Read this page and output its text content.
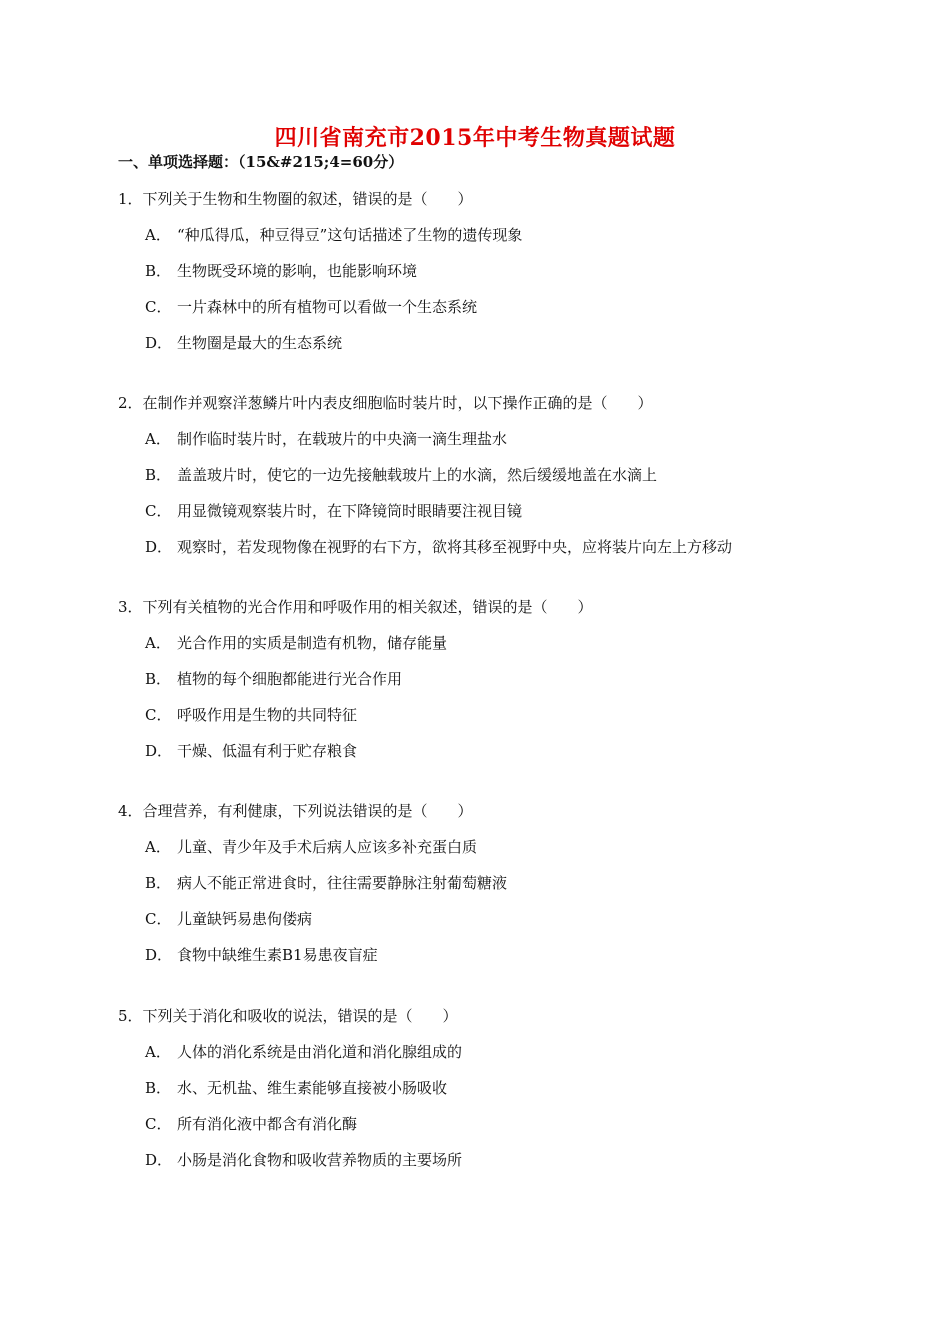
四川省南充市2015年中考生物真题试题
一、单项选择题：（15&#215;4=60分）
1．下列关于生物和生物圈的叙述，错误的是（　　）
A． “种瓜得瓜，种豆得豆”这句话描述了生物的遗传现象
B． 生物既受环境的影响，也能影响环境
C． 一片森林中的所有植物可以看做一个生态系统
D． 生物圈是最大的生态系统
2．在制作并观察洋葱鳞片叶内表皮细胞临时装片时，以下操作正确的是（　　）
A． 制作临时装片时，在载玻片的中央滴一滴生理盐水
B． 盖盖玻片时，使它的一边先接触载玻片上的水滴，然后缓缓地盖在水滴上
C． 用显微镜观察装片时，在下降镜筒时眼睛要注视目镜
D． 观察时，若发现物像在视野的右下方，欲将其移至视野中央，应将装片向左上方移动
3．下列有关植物的光合作用和呼吸作用的相关叙述，错误的是（　　）
A． 光合作用的实质是制造有机物，储存能量
B． 植物的每个细胞都能进行光合作用
C． 呼吸作用是生物的共同特征
D． 干燥、低温有利于贮存粮食
4．合理营养，有利健康，下列说法错误的是（　　）
A． 儿童、青少年及手术后病人应该多补充蛋白质
B． 病人不能正常进食时，往往需要静脉注射葡萄糖液
C． 儿童缺钙易患佝偻病
D． 食物中缺维生素B1易患夜盲症
5．下列关于消化和吸收的说法，错误的是（　　）
A． 人体的消化系统是由消化道和消化腺组成的
B． 水、无机盐、维生素能够直接被小肠吸收
C． 所有消化液中都含有消化酶
D． 小肠是消化食物和吸收营养物质的主要场所
